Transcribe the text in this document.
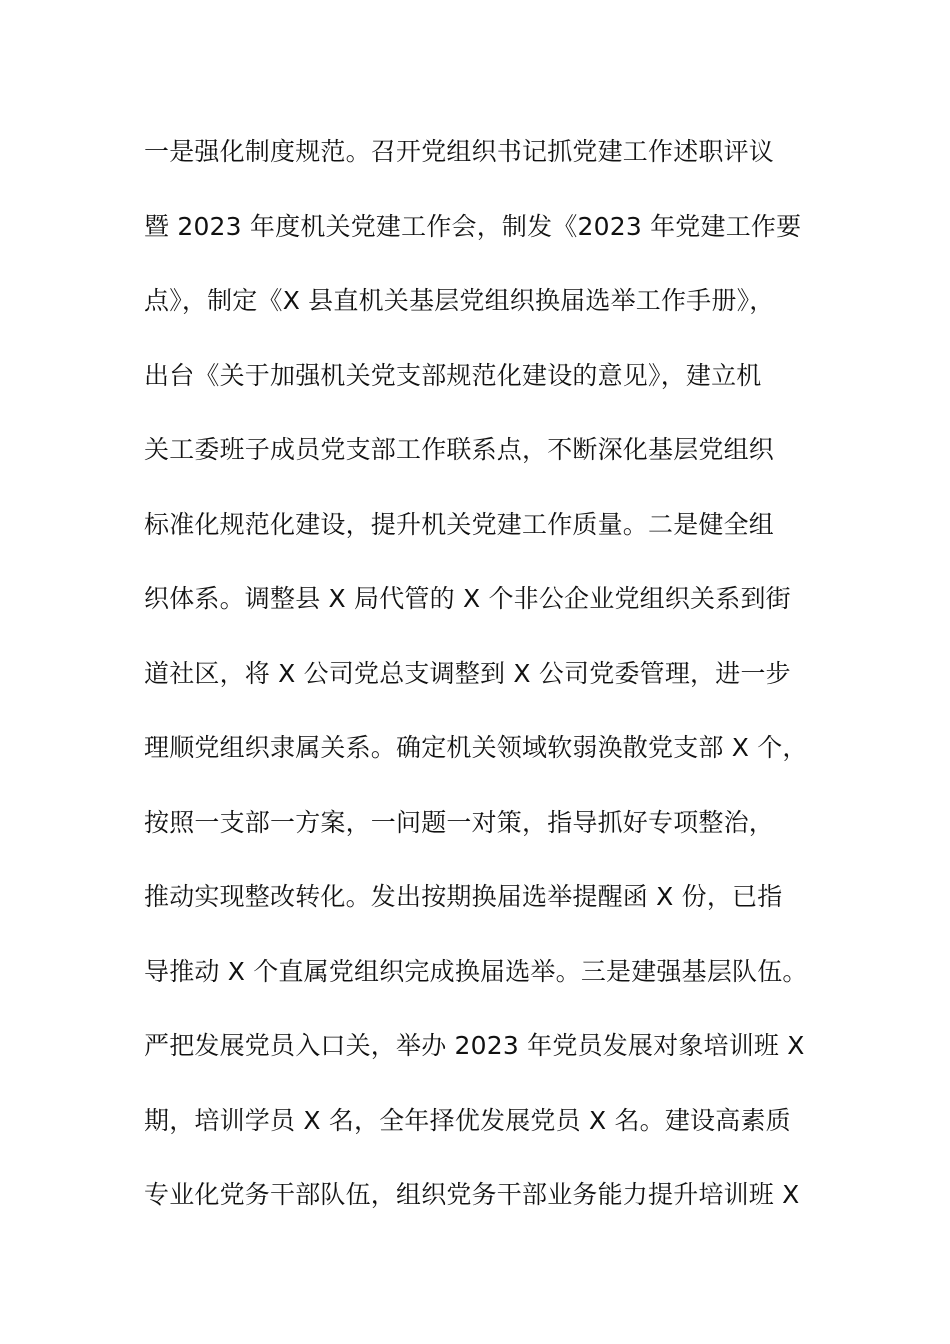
一是强化制度规范。召开党组织书记抓党建工作述职评议
暨 2023 年度机关党建工作会，制发《2023 年党建工作要
点》，制定《X 县直机关基层党组织换届选举工作手册》，
出台《关于加强机关党支部规范化建设的意见》，建立机
关工委班子成员党支部工作联系点，不断深化基层党组织
标准化规范化建设，提升机关党建工作质量。二是健全组
织体系。调整县 X 局代管的 X 个非公企业党组织关系到街
道社区，将 X 公司党总支调整到 X 公司党委管理，进一步
理顺党组织隶属关系。确定机关领域软弱涣散党支部 X 个，
按照一支部一方案，一问题一对策，指导抓好专项整治，
推动实现整改转化。发出按期换届选举提醒函 X 份，已指
导推动 X 个直属党组织完成换届选举。三是建强基层队伍。
严把发展党员入口关，举办 2023 年党员发展对象培训班 X
期，培训学员 X 名，全年择优发展党员 X 名。建设高素质
专业化党务干部队伍，组织党务干部业务能力提升培训班 X
